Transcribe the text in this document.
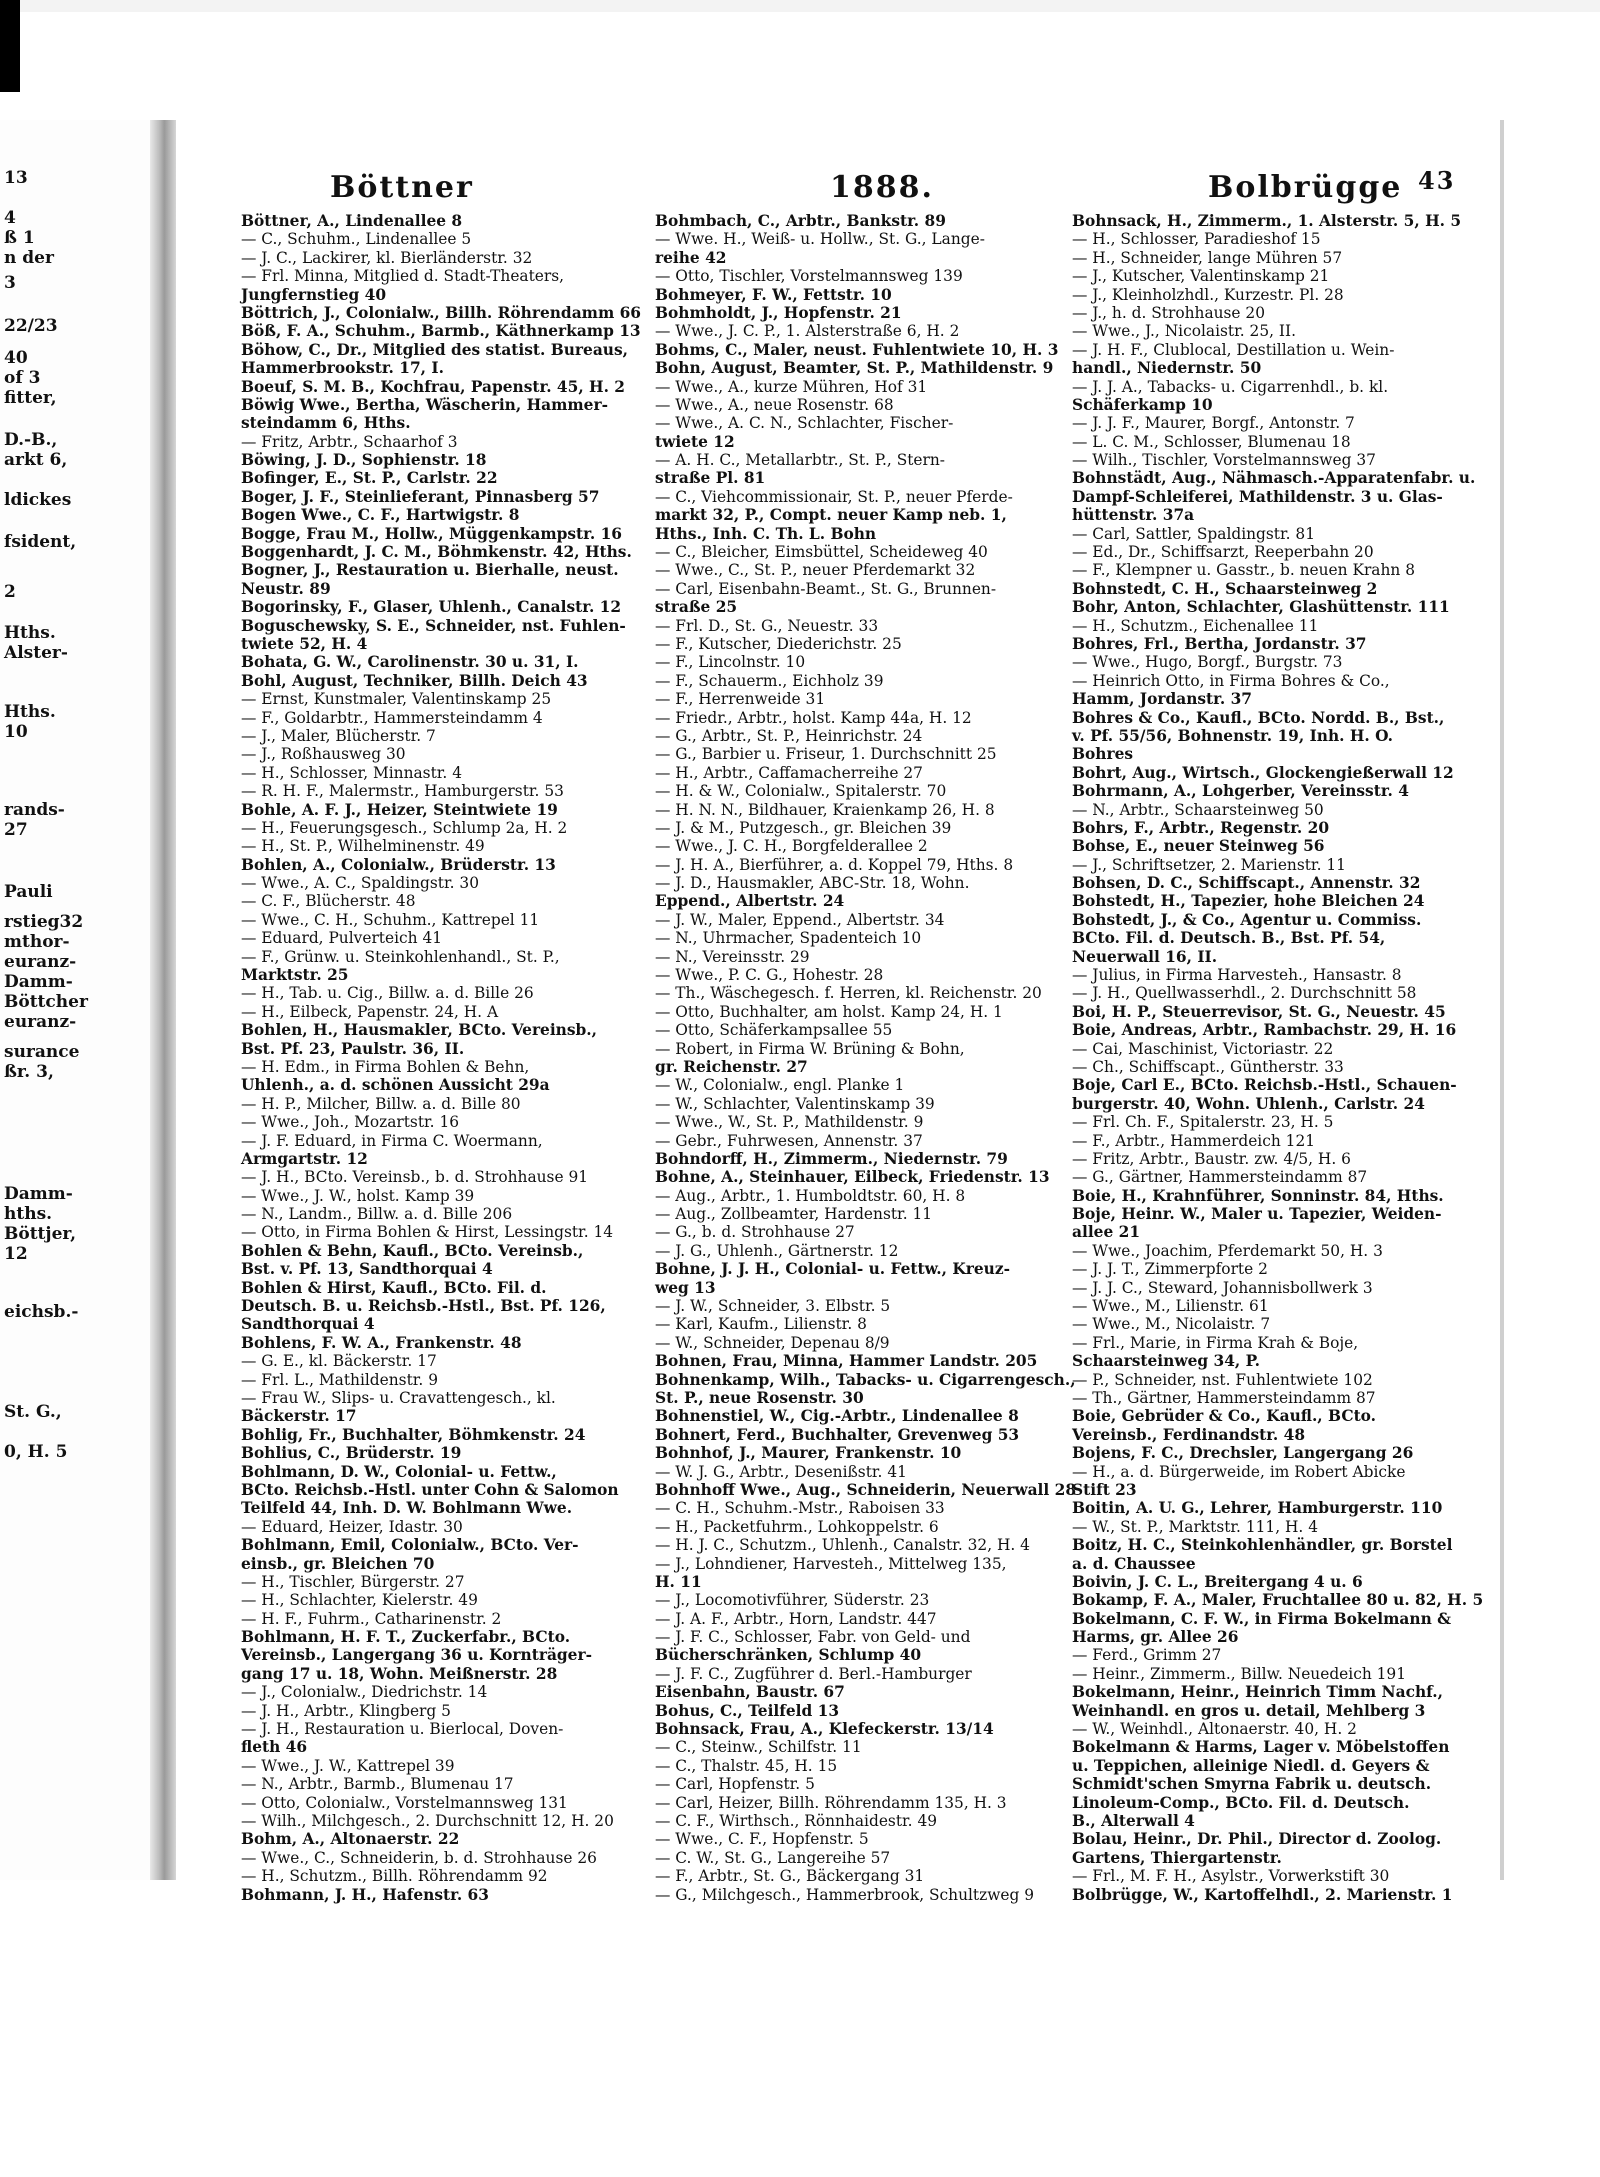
13
4
ß 1
n der
3
22/23
40
of 3
fitter,
D.-B.,
arkt 6,
ldickes
fsident,
2
Hths.
Alster-
Hths.
10
rands-
27
Pauli
rstieg32
mthor-
euranz-
Damm-
Böttcher
euranz-
surance
ßr. 3,
Damm-
hths.
Böttjer,
12
eichsb.-
St. G.,
0, H. 5
Böttner	1888.	Bolbrügge 43
Böttner, A., Lindenallee 8
— C., Schuhm., Lindenallee 5
— J. C., Lackirer, kl. Bierländerstr. 32
— Frl. Minna, Mitglied d. Stadt-Theaters,
Jungfernstieg 40
Böttrich, J., Colonialw., Billh. Röhrendamm 66
Böß, F. A., Schuhm., Barmb., Käthnerkamp 13
Böhow, C., Dr., Mitglied des statist. Bureaus,
Hammerbrookstr. 17, I.
Boeuf, S. M. B., Kochfrau, Papenstr. 45, H. 2
Böwig Wwe., Bertha, Wäscherin, Hammer-
steindamm 6, Hths.
— Fritz, Arbtr., Schaarhof 3
Böwing, J. D., Sophienstr. 18
Bofinger, E., St. P., Carlstr. 22
Boger, J. F., Steinlieferant, Pinnasberg 57
Bogen Wwe., C. F., Hartwigstr. 8
Bogge, Frau M., Hollw., Müggenkampstr. 16
Boggenhardt, J. C. M., Böhmkenstr. 42, Hths.
Bogner, J., Restauration u. Bierhalle, neust.
Neustr. 89
Bogorinsky, F., Glaser, Uhlenh., Canalstr. 12
Boguschewsky, S. E., Schneider, nst. Fuhlen-
twiete 52, H. 4
Bohata, G. W., Carolinenstr. 30 u. 31, I.
Bohl, August, Techniker, Billh. Deich 43
— Ernst, Kunstmaler, Valentinskamp 25
— F., Goldarbtr., Hammersteindamm 4
— J., Maler, Blücherstr. 7
— J., Roßhausweg 30
— H., Schlosser, Minnastr. 4
— R. H. F., Malermstr., Hamburgerstr. 53
Bohle, A. F. J., Heizer, Steintwiete 19
— H., Feuerungsgesch., Schlump 2a, H. 2
— H., St. P., Wilhelminenstr. 49
Bohlen, A., Colonialw., Brüderstr. 13
— Wwe., A. C., Spaldingstr. 30
— C. F., Blücherstr. 48
— Wwe., C. H., Schuhm., Kattrepel 11
— Eduard, Pulverteich 41
— F., Grünw. u. Steinkohlenhandl., St. P.,
Marktstr. 25
— H., Tab. u. Cig., Billw. a. d. Bille 26
— H., Eilbeck, Papenstr. 24, H. A
Bohlen, H., Hausmakler, BCto. Vereinsb.,
Bst. Pf. 23, Paulstr. 36, II.
— H. Edm., in Firma Bohlen & Behn,
Uhlenh., a. d. schönen Aussicht 29a
— H. P., Milcher, Billw. a. d. Bille 80
— Wwe., Joh., Mozartstr. 16
— J. F. Eduard, in Firma C. Woermann,
Armgartstr. 12
— J. H., BCto. Vereinsb., b. d. Strohhause 91
— Wwe., J. W., holst. Kamp 39
— N., Landm., Billw. a. d. Bille 206
— Otto, in Firma Bohlen & Hirst, Lessingstr. 14
Bohlen & Behn, Kaufl., BCto. Vereinsb.,
Bst. v. Pf. 13, Sandthorquai 4
Bohlen & Hirst, Kaufl., BCto. Fil. d.
Deutsch. B. u. Reichsb.-Hstl., Bst. Pf. 126,
Sandthorquai 4
Bohlens, F. W. A., Frankenstr. 48
— G. E., kl. Bäckerstr. 17
— Frl. L., Mathildenstr. 9
— Frau W., Slips- u. Cravattengesch., kl.
Bäckerstr. 17
Bohlig, Fr., Buchhalter, Böhmkenstr. 24
Bohlius, C., Brüderstr. 19
Bohlmann, D. W., Colonial- u. Fettw.,
BCto. Reichsb.-Hstl. unter Cohn & Salomon
Teilfeld 44, Inh. D. W. Bohlmann Wwe.
— Eduard, Heizer, Idastr. 30
Bohlmann, Emil, Colonialw., BCto. Ver-
einsb., gr. Bleichen 70
— H., Tischler, Bürgerstr. 27
— H., Schlachter, Kielerstr. 49
— H. F., Fuhrm., Catharinenstr. 2
Bohlmann, H. F. T., Zuckerfabr., BCto.
Vereinsb., Langergang 36 u. Kornträger-
gang 17 u. 18, Wohn. Meißnerstr. 28
— J., Colonialw., Diedrichstr. 14
— J. H., Arbtr., Klingberg 5
— J. H., Restauration u. Bierlocal, Doven-
fleth 46
— Wwe., J. W., Kattrepel 39
— N., Arbtr., Barmb., Blumenau 17
— Otto, Colonialw., Vorstelmannsweg 131
— Wilh., Milchgesch., 2. Durchschnitt 12, H. 20
Bohm, A., Altonaerstr. 22
— Wwe., C., Schneiderin, b. d. Strohhause 26
— H., Schutzm., Billh. Röhrendamm 92
Bohmann, J. H., Hafenstr. 63
Bohmbach, C., Arbtr., Bankstr. 89
— Wwe. H., Weiß- u. Hollw., St. G., Lange-
reihe 42
— Otto, Tischler, Vorstelmannsweg 139
Bohmeyer, F. W., Fettstr. 10
Bohmholdt, J., Hopfenstr. 21
— Wwe., J. C. P., 1. Alsterstraße 6, H. 2
Bohms, C., Maler, neust. Fuhlentwiete 10, H. 3
Bohn, August, Beamter, St. P., Mathildenstr. 9
— Wwe., A., kurze Mühren, Hof 31
— Wwe., A., neue Rosenstr. 68
— Wwe., A. C. N., Schlachter, Fischer-
twiete 12
— A. H. C., Metallarbtr., St. P., Stern-
straße Pl. 81
— C., Viehcommissionair, St. P., neuer Pferde-
markt 32, P., Compt. neuer Kamp neb. 1,
Hths., Inh. C. Th. L. Bohn
— C., Bleicher, Eimsbüttel, Scheideweg 40
— Wwe., C., St. P., neuer Pferdemarkt 32
— Carl, Eisenbahn-Beamt., St. G., Brunnen-
straße 25
— Frl. D., St. G., Neuestr. 33
— F., Kutscher, Diederichstr. 25
— F., Lincolnstr. 10
— F., Schauerm., Eichholz 39
— F., Herrenweide 31
— Friedr., Arbtr., holst. Kamp 44a, H. 12
— G., Arbtr., St. P., Heinrichstr. 24
— G., Barbier u. Friseur, 1. Durchschnitt 25
— H., Arbtr., Caffamacherreihe 27
— H. & W., Colonialw., Spitalerstr. 70
— H. N. N., Bildhauer, Kraienkamp 26, H. 8
— J. & M., Putzgesch., gr. Bleichen 39
— Wwe., J. C. H., Borgfelderallee 2
— J. H. A., Bierführer, a. d. Koppel 79, Hths. 8
— J. D., Hausmakler, ABC-Str. 18, Wohn.
Eppend., Albertstr. 24
— J. W., Maler, Eppend., Albertstr. 34
— N., Uhrmacher, Spadenteich 10
— N., Vereinsstr. 29
— Wwe., P. C. G., Hohestr. 28
— Th., Wäschegesch. f. Herren, kl. Reichenstr. 20
— Otto, Buchhalter, am holst. Kamp 24, H. 1
— Otto, Schäferkampsallee 55
— Robert, in Firma W. Brüning & Bohn,
gr. Reichenstr. 27
— W., Colonialw., engl. Planke 1
— W., Schlachter, Valentinskamp 39
— Wwe., W., St. P., Mathildenstr. 9
— Gebr., Fuhrwesen, Annenstr. 37
Bohndorff, H., Zimmerm., Niedernstr. 79
Bohne, A., Steinhauer, Eilbeck, Friedenstr. 13
— Aug., Arbtr., 1. Humboldtstr. 60, H. 8
— Aug., Zollbeamter, Hardenstr. 11
— G., b. d. Strohhause 27
— J. G., Uhlenh., Gärtnerstr. 12
Bohne, J. J. H., Colonial- u. Fettw., Kreuz-
weg 13
— J. W., Schneider, 3. Elbstr. 5
— Karl, Kaufm., Lilienstr. 8
— W., Schneider, Depenau 8/9
Bohnen, Frau, Minna, Hammer Landstr. 205
Bohnenkamp, Wilh., Tabacks- u. Cigarrengesch.,
St. P., neue Rosenstr. 30
Bohnenstiel, W., Cig.-Arbtr., Lindenallee 8
Bohnert, Ferd., Buchhalter, Grevenweg 53
Bohnhof, J., Maurer, Frankenstr. 10
— W. J. G., Arbtr., Desenißstr. 41
Bohnhoff Wwe., Aug., Schneiderin, Neuerwall 28
— C. H., Schuhm.-Mstr., Raboisen 33
— H., Packetfuhrm., Lohkoppelstr. 6
— H. J. C., Schutzm., Uhlenh., Canalstr. 32, H. 4
— J., Lohndiener, Harvesteh., Mittelweg 135,
H. 11
— J., Locomotivführer, Süderstr. 23
— J. A. F., Arbtr., Horn, Landstr. 447
— J. F. C., Schlosser, Fabr. von Geld- und
Bücherschränken, Schlump 40
— J. F. C., Zugführer d. Berl.-Hamburger
Eisenbahn, Baustr. 67
Bohus, C., Teilfeld 13
Bohnsack, Frau, A., Klefeckerstr. 13/14
— C., Steinw., Schilfstr. 11
— C., Thalstr. 45, H. 15
— Carl, Hopfenstr. 5
— Carl, Heizer, Billh. Röhrendamm 135, H. 3
— C. F., Wirthsch., Rönnhaidestr. 49
— Wwe., C. F., Hopfenstr. 5
— C. W., St. G., Langereihe 57
— F., Arbtr., St. G., Bäckergang 31
— G., Milchgesch., Hammerbrook, Schultzweg 9
Bohnsack, H., Zimmerm., 1. Alsterstr. 5, H. 5
— H., Schlosser, Paradieshof 15
— H., Schneider, lange Mühren 57
— J., Kutscher, Valentinskamp 21
— J., Kleinholzhdl., Kurzestr. Pl. 28
— J., h. d. Strohhause 20
— Wwe., J., Nicolaistr. 25, II.
— J. H. F., Clublocal, Destillation u. Wein-
handl., Niedernstr. 50
— J. J. A., Tabacks- u. Cigarrenhdl., b. kl.
Schäferkamp 10
— J. J. F., Maurer, Borgf., Antonstr. 7
— L. C. M., Schlosser, Blumenau 18
— Wilh., Tischler, Vorstelmannsweg 37
Bohnstädt, Aug., Nähmasch.-Apparatenfabr. u.
Dampf-Schleiferei, Mathildenstr. 3 u. Glas-
hüttenstr. 37a
— Carl, Sattler, Spaldingstr. 81
— Ed., Dr., Schiffsarzt, Reeperbahn 20
— F., Klempner u. Gasstr., b. neuen Krahn 8
Bohnstedt, C. H., Schaarsteinweg 2
Bohr, Anton, Schlachter, Glashüttenstr. 111
— H., Schutzm., Eichenallee 11
Bohres, Frl., Bertha, Jordanstr. 37
— Wwe., Hugo, Borgf., Burgstr. 73
— Heinrich Otto, in Firma Bohres & Co.,
Hamm, Jordanstr. 37
Bohres & Co., Kaufl., BCto. Nordd. B., Bst.,
v. Pf. 55/56, Bohnenstr. 19, Inh. H. O.
Bohres
Bohrt, Aug., Wirtsch., Glockengießerwall 12
Bohrmann, A., Lohgerber, Vereinsstr. 4
— N., Arbtr., Schaarsteinweg 50
Bohrs, F., Arbtr., Regenstr. 20
Bohse, E., neuer Steinweg 56
— J., Schriftsetzer, 2. Marienstr. 11
Bohsen, D. C., Schiffscapt., Annenstr. 32
Bohstedt, H., Tapezier, hohe Bleichen 24
Bohstedt, J., & Co., Agentur u. Commiss.
BCto. Fil. d. Deutsch. B., Bst. Pf. 54,
Neuerwall 16, II.
— Julius, in Firma Harvesteh., Hansastr. 8
— J. H., Quellwasserhdl., 2. Durchschnitt 58
Boi, H. P., Steuerrevisor, St. G., Neuestr. 45
Boie, Andreas, Arbtr., Rambachstr. 29, H. 16
— Cai, Maschinist, Victoriastr. 22
— Ch., Schiffscapt., Güntherstr. 33
Boje, Carl E., BCto. Reichsb.-Hstl., Schauen-
burgerstr. 40, Wohn. Uhlenh., Carlstr. 24
— Frl. Ch. F., Spitalerstr. 23, H. 5
— F., Arbtr., Hammerdeich 121
— Fritz, Arbtr., Baustr. zw. 4/5, H. 6
— G., Gärtner, Hammersteindamm 87
Boie, H., Krahnführer, Sonninstr. 84, Hths.
Boje, Heinr. W., Maler u. Tapezier, Weiden-
allee 21
— Wwe., Joachim, Pferdemarkt 50, H. 3
— J. J. T., Zimmerpforte 2
— J. J. C., Steward, Johannisbollwerk 3
— Wwe., M., Lilienstr. 61
— Wwe., M., Nicolaistr. 7
— Frl., Marie, in Firma Krah & Boje,
Schaarsteinweg 34, P.
— P., Schneider, nst. Fuhlentwiete 102
— Th., Gärtner, Hammersteindamm 87
Boie, Gebrüder & Co., Kaufl., BCto.
Vereinsb., Ferdinandstr. 48
Bojens, F. C., Drechsler, Langergang 26
— H., a. d. Bürgerweide, im Robert Abicke
Stift 23
Boitin, A. U. G., Lehrer, Hamburgerstr. 110
— W., St. P., Marktstr. 111, H. 4
Boitz, H. C., Steinkohlenhändler, gr. Borstel
a. d. Chaussee
Boivin, J. C. L., Breitergang 4 u. 6
Bokamp, F. A., Maler, Fruchtallee 80 u. 82, H. 5
Bokelmann, C. F. W., in Firma Bokelmann &
Harms, gr. Allee 26
— Ferd., Grimm 27
— Heinr., Zimmerm., Billw. Neuedeich 191
Bokelmann, Heinr., Heinrich Timm Nachf.,
Weinhandl. en gros u. detail, Mehlberg 3
— W., Weinhdl., Altonaerstr. 40, H. 2
Bokelmann & Harms, Lager v. Möbelstoffen
u. Teppichen, alleinige Niedl. d. Geyers &
Schmidt'schen Smyrna Fabrik u. deutsch.
Linoleum-Comp., BCto. Fil. d. Deutsch.
B., Alterwall 4
Bolau, Heinr., Dr. Phil., Director d. Zoolog.
Gartens, Thiergartenstr.
— Frl., M. F. H., Asylstr., Vorwerkstift 30
Bolbrügge, W., Kartoffelhdl., 2. Marienstr. 1
